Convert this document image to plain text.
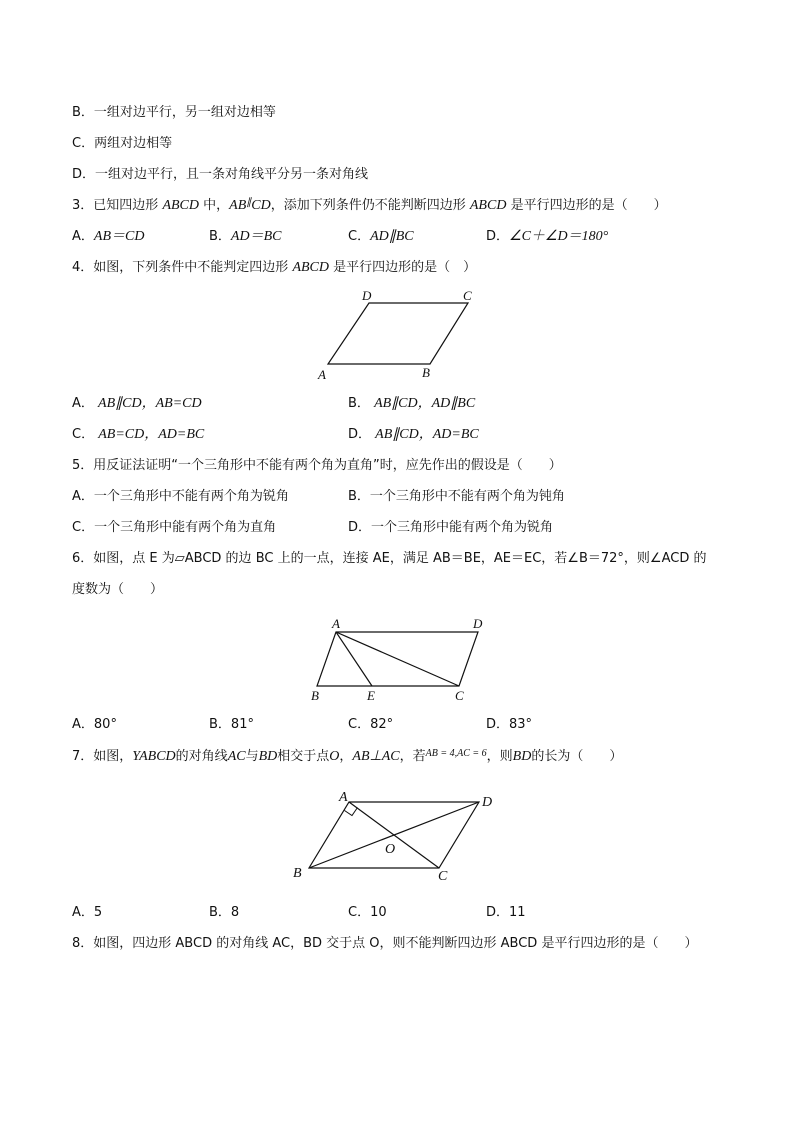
B．一组对边平行，另一组对边相等
C．两组对边相等
D．一组对边平行，且一条对角线平分另一条对角线
3．已知四边形 ABCD 中，AB∥CD，添加下列条件仍不能判断四边形 ABCD 是平行四边形的是（　　）
A．AB＝CD	B．AD＝BC	C．AD∥BC	D．∠C＋∠D＝180°
4．如图，下列条件中不能判定四边形 ABCD 是平行四边形的是（　）
A	B
C
D
A． AB∥CD，AB=CD	B． AB∥CD，AD∥BC
C． AB=CD，AD=BC	D． AB∥CD，AD=BC
5．用反证法证明“一个三角形中不能有两个角为直角”时，应先作出的假设是（　　）
A．一个三角形中不能有两个角为锐角	B．一个三角形中不能有两个角为钝角
C．一个三角形中能有两个角为直角	D．一个三角形中能有两个角为锐角
6．如图，点 E 为▱ABCD 的边 BC 上的一点，连接 AE，满足 AB＝BE，AE＝EC，若∠B＝72°，则∠ACD 的
度数为（　　）
A	D
B	E	C
A．80°	B．81°	C．82°	D．83°
7．如图，YABCD的对角线AC与BD相交于点O，AB⊥AC，若$^{AB = 4,AC = 6}$，则BD的长为（　　）
A	D
B	C
O
A．5	B．8	C．10	D．11
8．如图，四边形 ABCD 的对角线 AC，BD 交于点 O，则不能判断四边形 ABCD 是平行四边形的是（　　）
